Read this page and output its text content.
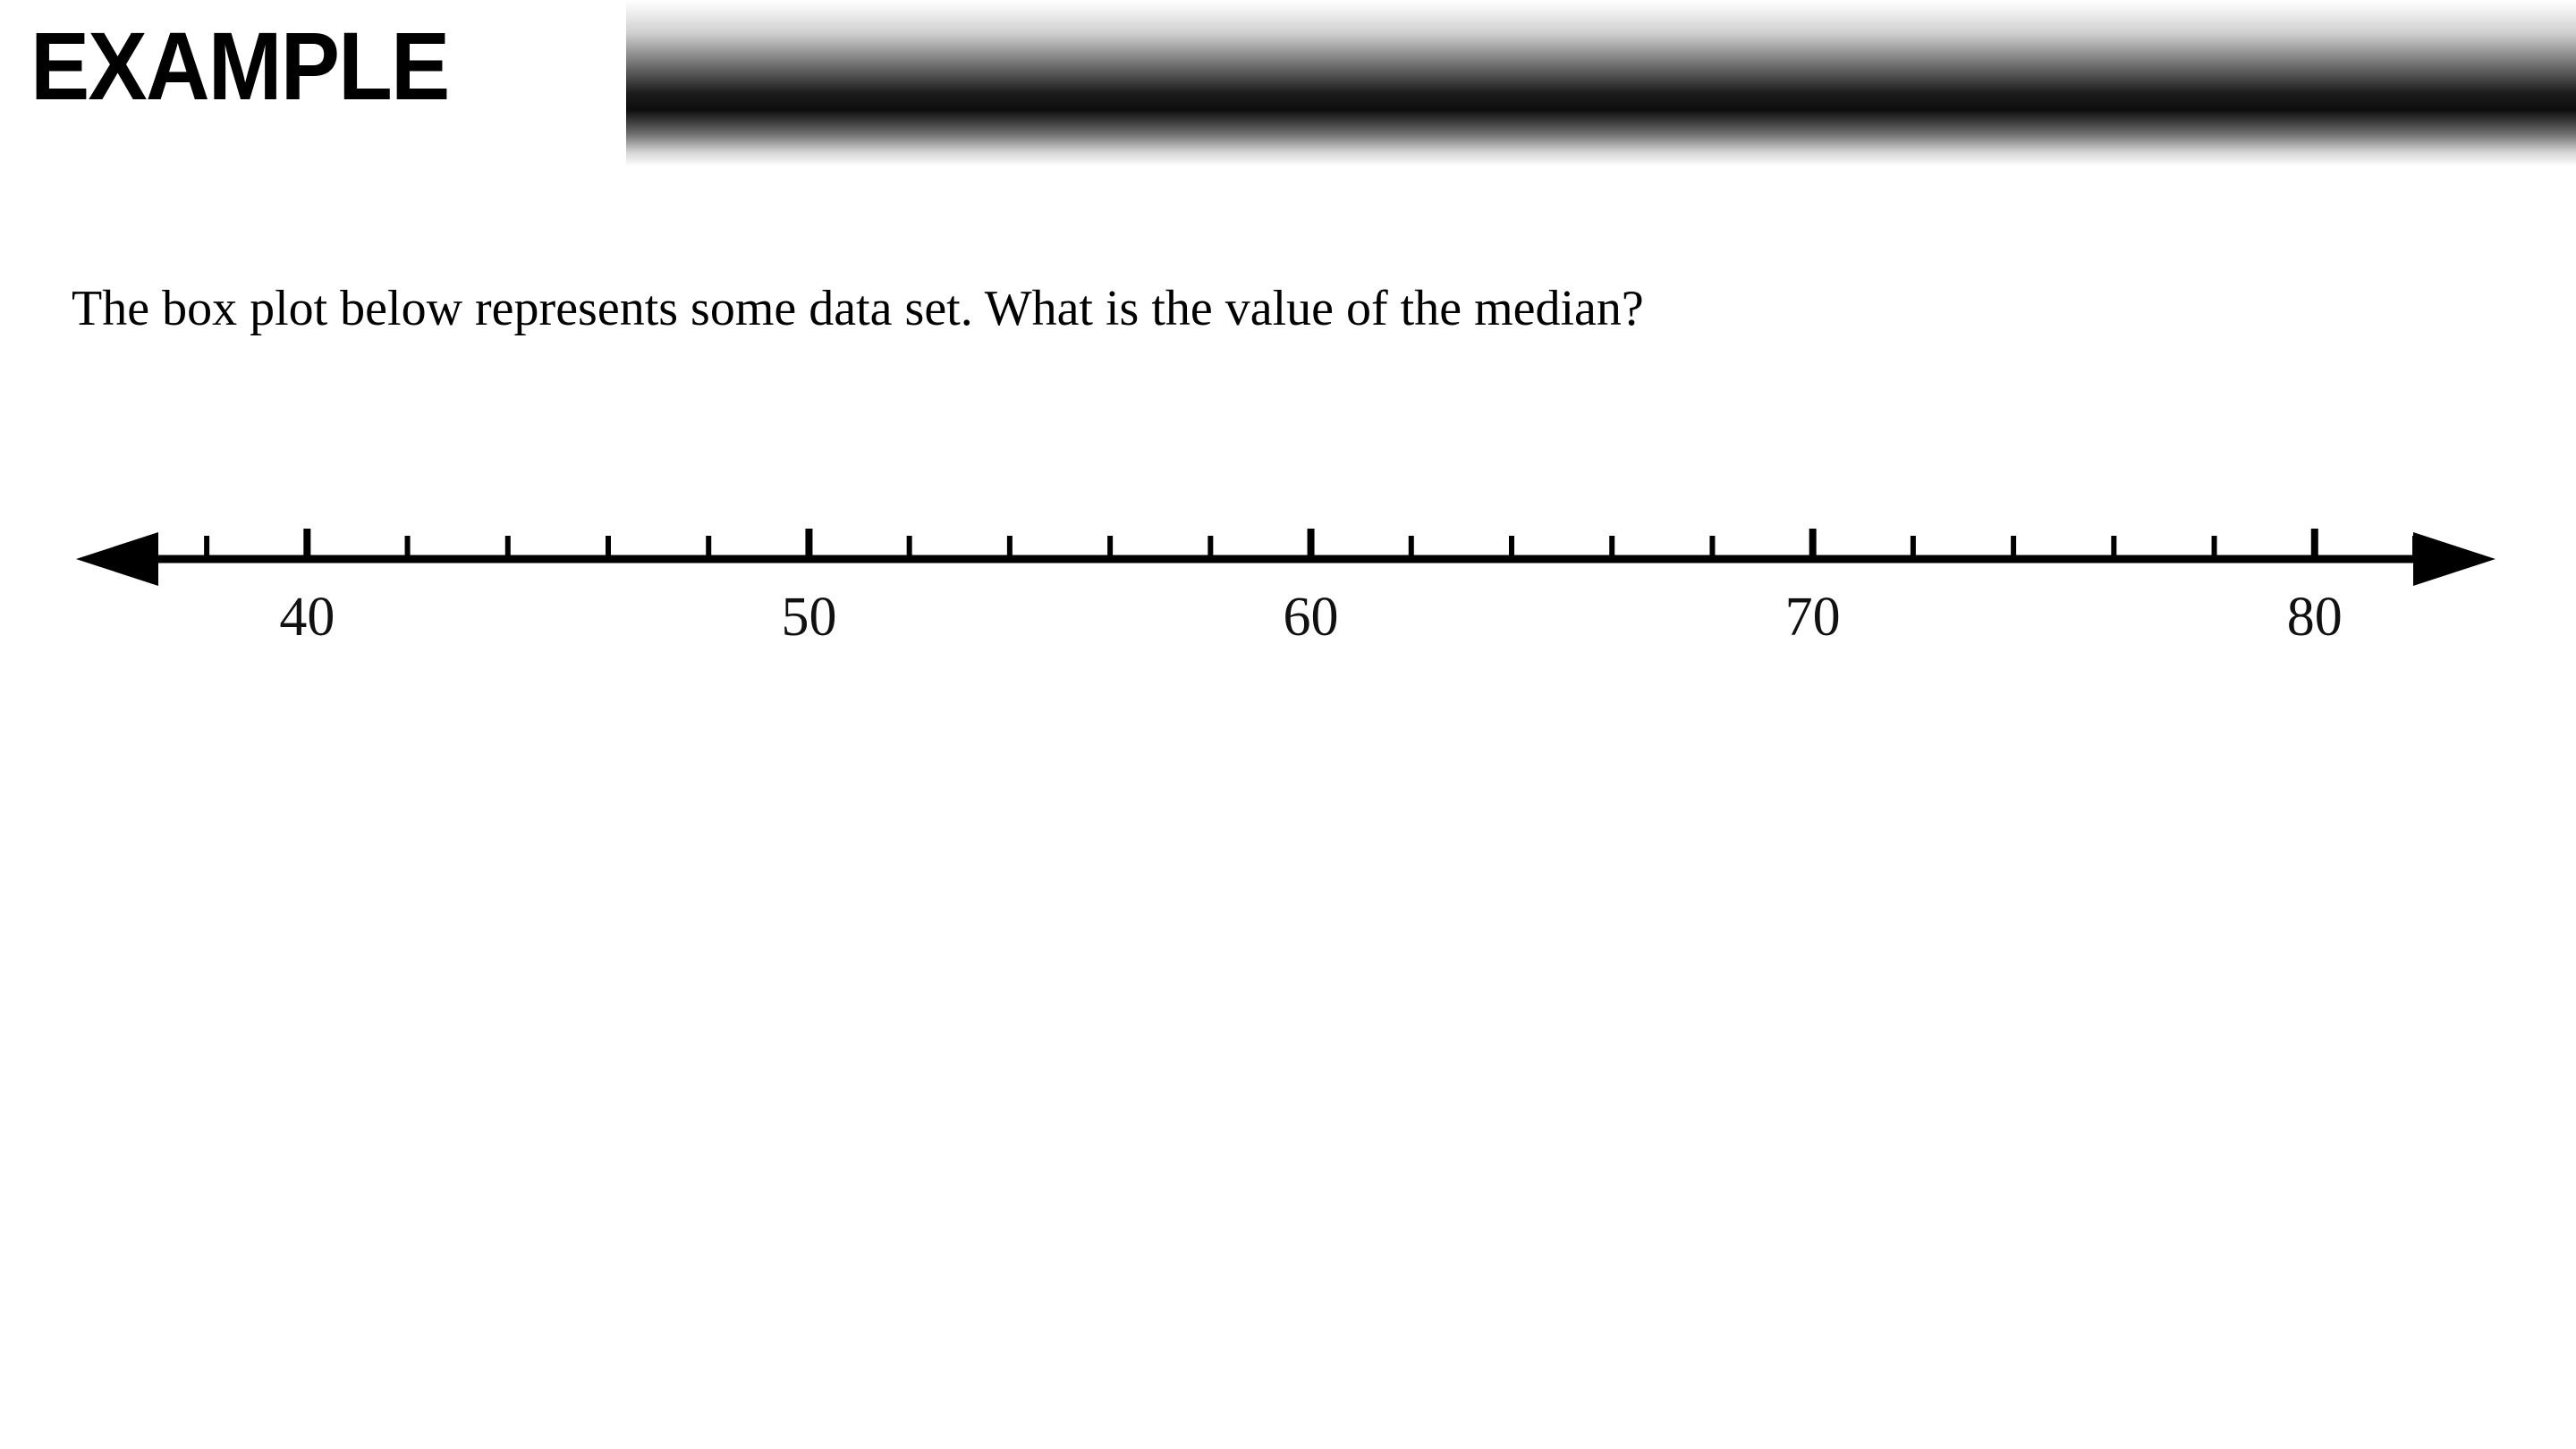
EXAMPLE
The box plot below represents some data set. What is the value of the median?
40	50	60	70	80
